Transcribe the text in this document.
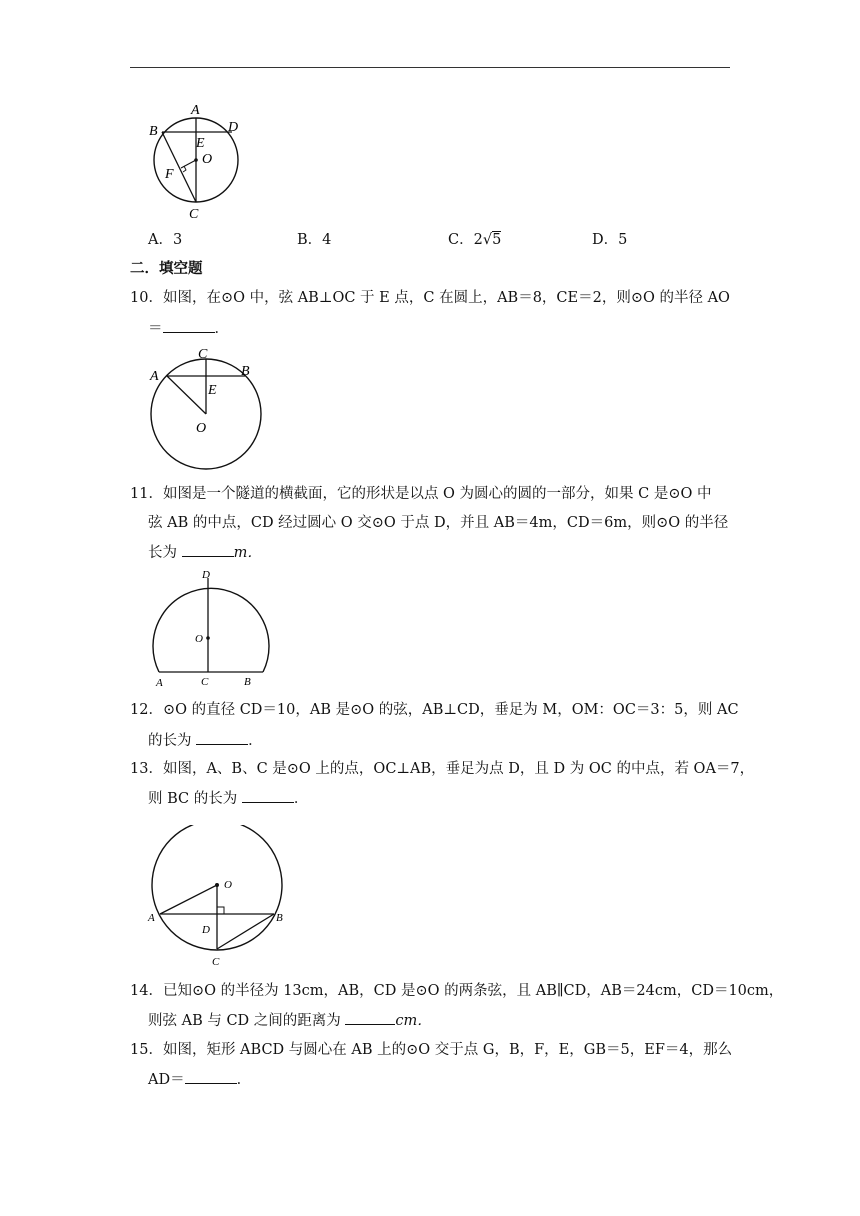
A
B	D
E
O
F
C
A．3	B．4	C．2√5	D．5
二．填空题
10．如图，在⊙O 中，弦 AB⊥OC 于 E 点，C 在圆上，AB＝8，CE＝2，则⊙O 的半径 AO
＝	．
C
A	B
E
O
11．如图是一个隧道的横截面，它的形状是以点 O 为圆心的圆的一部分，如果 C 是⊙O 中
弦 AB 的中点，CD 经过圆心 O 交⊙O 于点 D，并且 AB＝4m，CD＝6m，则⊙O 的半径
长为	m．
D
O
A	C	B
12．⊙O 的直径 CD＝10，AB 是⊙O 的弦，AB⊥CD，垂足为 M，OM：OC＝3：5，则 AC
的长为	．
13．如图，A、B、C 是⊙O 上的点，OC⊥AB，垂足为点 D，且 D 为 OC 的中点，若 OA＝7，
则 BC 的长为	．
O
A	B
D
C
14．已知⊙O 的半径为 13cm，AB，CD 是⊙O 的两条弦，且 AB∥CD，AB＝24cm，CD＝10cm，
则弦 AB 与 CD 之间的距离为	cm．
15．如图，矩形 ABCD 与圆心在 AB 上的⊙O 交于点 G，B，F，E，GB＝5，EF＝4，那么
AD＝	．
